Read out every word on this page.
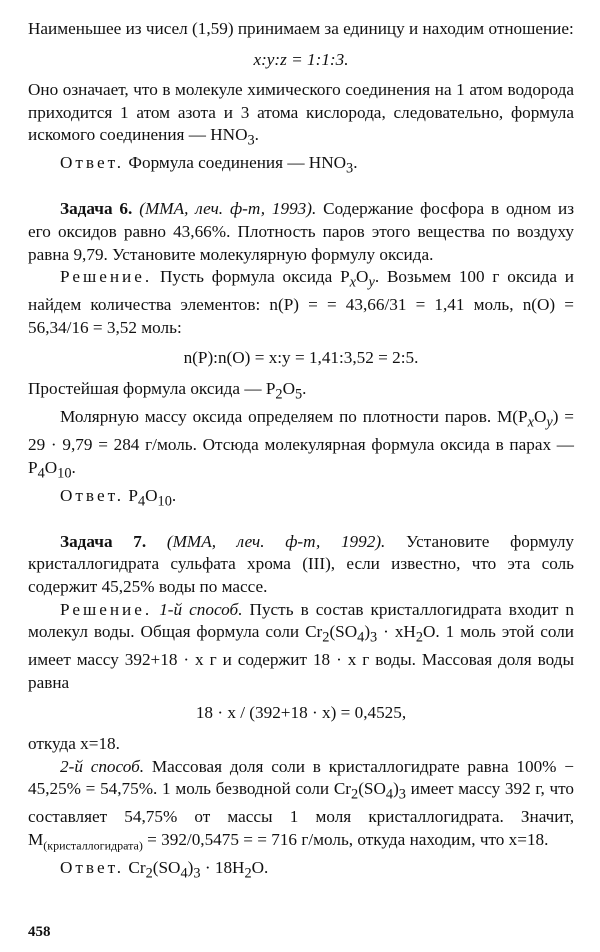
Наименьшее из чисел (1,59) принимаем за единицу и находим отношение:

x:y:z = 1:1:3.

Оно означает, что в молекуле химического соединения на 1 атом водорода приходится 1 атом азота и 3 атома кислорода, следовательно, формула искомого соединения — $HNO_3$.

Ответ. Формула соединения — $HNO_3$.

Задача 6. (ММА, леч. ф-т, 1993). Содержание фосфора в одном из его оксидов равно 43,66%. Плотность паров этого вещества по воздуху равна 9,79. Установите молекулярную формулу оксида.

Решение. Пусть формула оксида $P_xO_y$. Возьмем 100 г оксида и найдем количества элементов: n(P) = = 43,66/31 = 1,41 моль, n(O) = 56,34/16 = 3,52 моль:

n(P):n(O) = x:y = 1,41:3,52 = 2:5.

Простейшая формула оксида — $P_2O_5$.

Молярную массу оксида определяем по плотности паров. $M(P_xO_y) = 29 \cdot 9,79 = 284$ г/моль. Отсюда молекулярная формула оксида в парах — $P_4O_{10}$.

Ответ. $P_4O_{10}$.

Задача 7. (ММА, леч. ф-т, 1992). Установите формулу кристаллогидрата сульфата хрома (III), если известно, что эта соль содержит 45,25% воды по массе.

Решение. 1-й способ. Пусть в состав кристаллогидрата входит n молекул воды. Общая формула соли $Cr_2(SO_4)_3 \cdot xH_2O$. 1 моль этой соли имеет массу 392+18 · x г и содержит 18 · x г воды. Массовая доля воды равна

18 · x / (392+18 · x) = 0,4525,

откуда x=18.

2-й способ. Массовая доля соли в кристаллогидрате равна 100% − 45,25% = 54,75%. 1 моль безводной соли $Cr_2(SO_4)_3$ имеет массу 392 г, что составляет 54,75% от массы 1 моля кристаллогидрата. Значит, $M_{(кристаллогидрата)} = 392/0,5475$ = = 716 г/моль, откуда находим, что x=18.

Ответ. $Cr_2(SO_4)_3 \cdot 18H_2O$.

458
